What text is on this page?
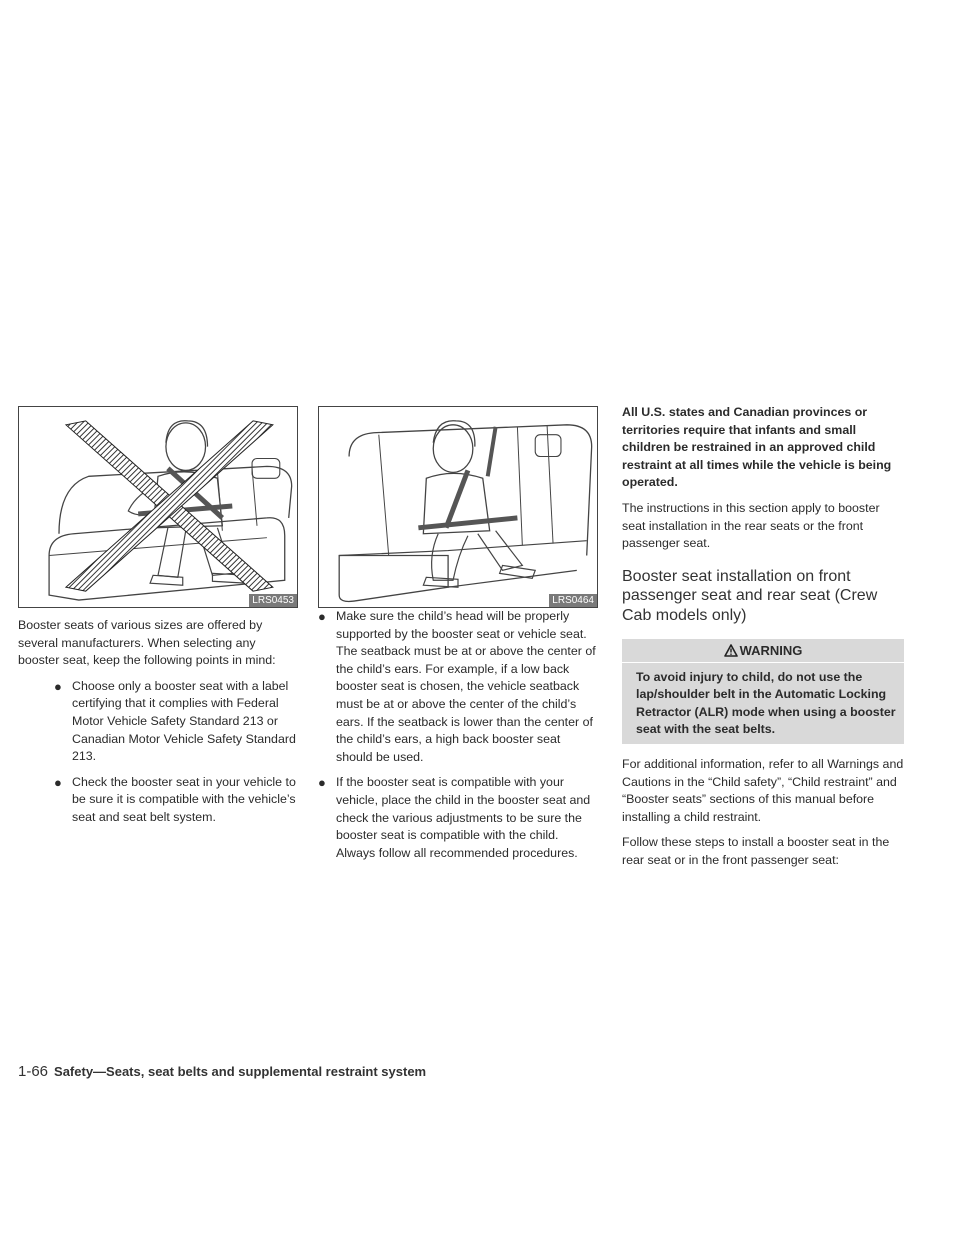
LRS0453

Booster seats of various sizes are offered by several manufacturers. When selecting any booster seat, keep the following points in mind:

● Choose only a booster seat with a label certifying that it complies with Federal Motor Vehicle Safety Standard 213 or Canadian Motor Vehicle Safety Standard 213.
● Check the booster seat in your vehicle to be sure it is compatible with the vehicle’s seat and seat belt system.
LRS0464
● Make sure the child’s head will be properly supported by the booster seat or vehicle seat. The seatback must be at or above the center of the child’s ears. For example, if a low back booster seat is chosen, the vehicle seatback must be at or above the center of the child’s ears. If the seatback is lower than the center of the child’s ears, a high back booster seat should be used.
● If the booster seat is compatible with your vehicle, place the child in the booster seat and check the various adjustments to be sure the booster seat is compatible with the child. Always follow all recommended procedures.

All U.S. states and Canadian provinces or territories require that infants and small children be restrained in an approved child restraint at all times while the vehicle is being operated.

The instructions in this section apply to booster seat installation in the rear seats or the front passenger seat.

Booster seat installation on front passenger seat and rear seat (Crew Cab models only)
WARNING
To avoid injury to child, do not use the lap/shoulder belt in the Automatic Locking Retractor (ALR) mode when using a booster seat with the seat belts.

For additional information, refer to all Warnings and Cautions in the “Child safety”, “Child restraint” and “Booster seats” sections of this manual before installing a child restraint.

Follow these steps to install a booster seat in the rear seat or in the front passenger seat:

1-66 Safety—Seats, seat belts and supplemental restraint system
